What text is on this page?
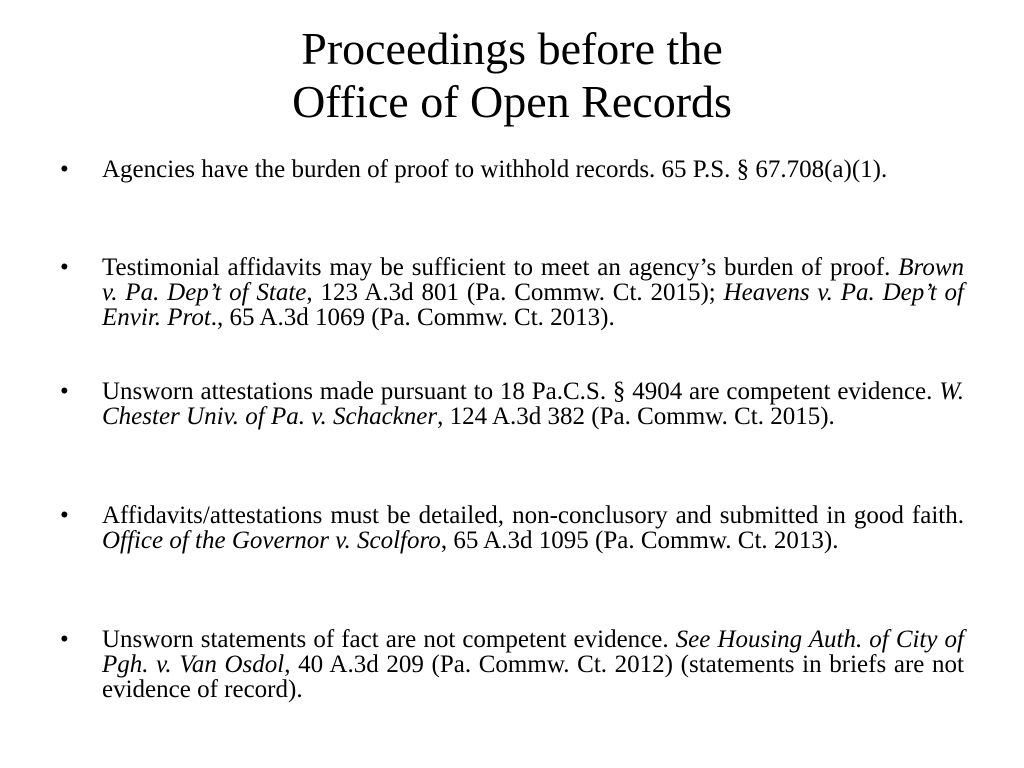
Proceedings before the
Office of Open Records
• Agencies have the burden of proof to withhold records. 65 P.S. § 67.708(a)(1).

• Testimonial affidavits may be sufficient to meet an agency’s burden of proof. Brown v. Pa. Dep’t of State, 123 A.3d 801 (Pa. Commw. Ct. 2015); Heavens v. Pa. Dep’t of Envir. Prot., 65 A.3d 1069 (Pa. Commw. Ct. 2013).

• Unsworn attestations made pursuant to 18 Pa.C.S. § 4904 are competent evidence. W. Chester Univ. of Pa. v. Schackner, 124 A.3d 382 (Pa. Commw. Ct. 2015).

• Affidavits/attestations must be detailed, non-conclusory and submitted in good faith. Office of the Governor v. Scolforo, 65 A.3d 1095 (Pa. Commw. Ct. 2013).

• Unsworn statements of fact are not competent evidence. See Housing Auth. of City of Pgh. v. Van Osdol, 40 A.3d 209 (Pa. Commw. Ct. 2012) (statements in briefs are not evidence of record).
